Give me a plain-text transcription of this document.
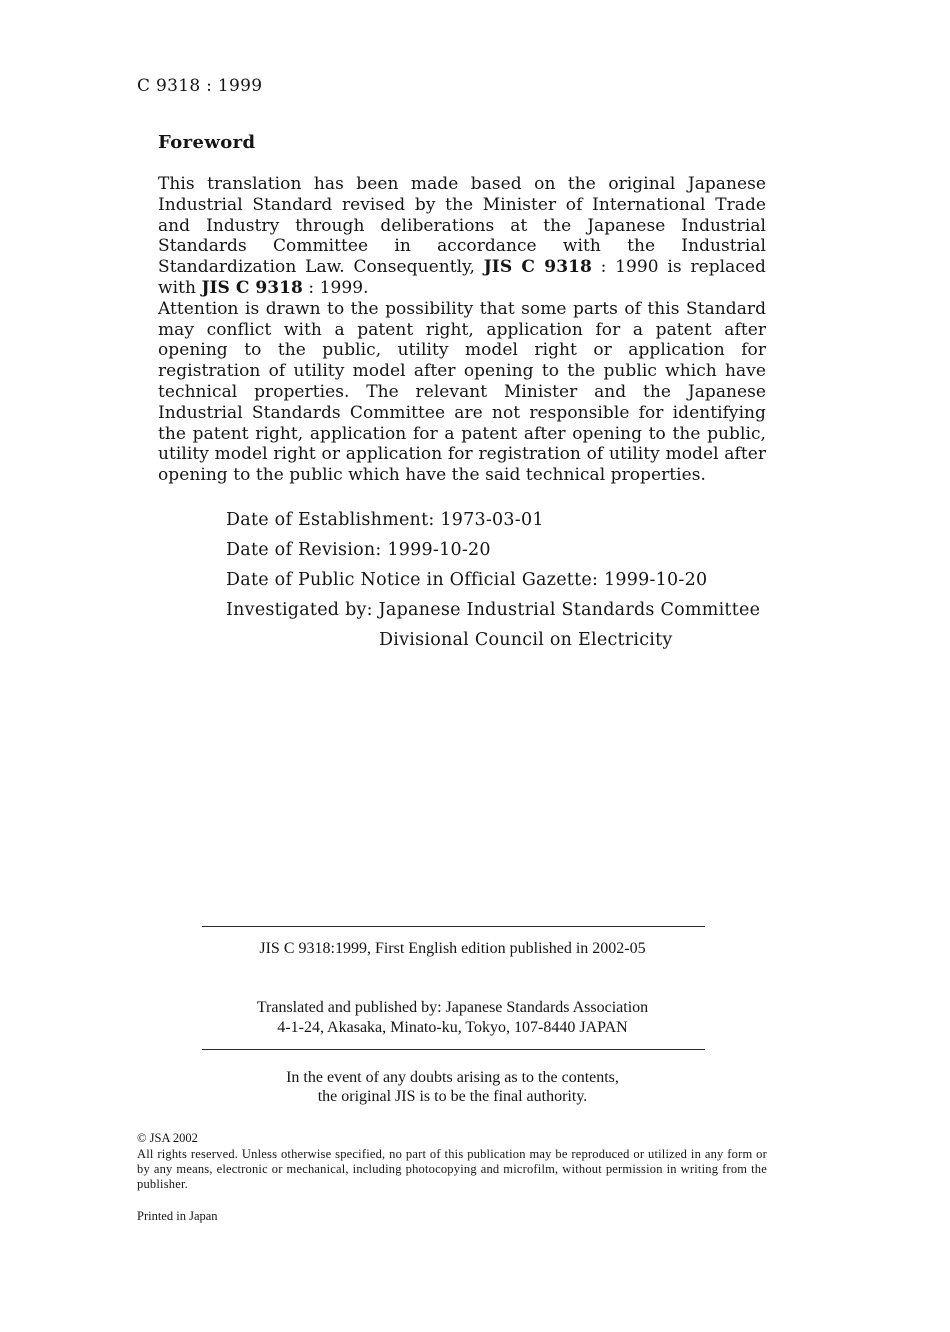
C 9318 : 1999
Foreword

This translation has been made based on the original Japanese Industrial Standard revised by the Minister of International Trade and Industry through deliberations at the Japanese Industrial Standards Committee in accordance with the Industrial Standardization Law. Consequently, JIS C 9318 : 1990 is replaced with JIS C 9318 : 1999.

Attention is drawn to the possibility that some parts of this Standard may conflict with a patent right, application for a patent after opening to the public, utility model right or application for registration of utility model after opening to the public which have technical properties. The relevant Minister and the Japanese Industrial Standards Committee are not responsible for identifying the patent right, application for a patent after opening to the public, utility model right or application for registration of utility model after opening to the public which have the said technical properties.

Date of Establishment: 1973-03-01
Date of Revision: 1999-10-20
Date of Public Notice in Official Gazette: 1999-10-20
Investigated by: Japanese Industrial Standards Committee
Divisional Council on Electricity
JIS C 9318:1999, First English edition published in 2002-05
Translated and published by: Japanese Standards Association
4-1-24, Akasaka, Minato-ku, Tokyo, 107-8440 JAPAN
In the event of any doubts arising as to the contents,
the original JIS is to be the final authority.
© JSA 2002
All rights reserved. Unless otherwise specified, no part of this publication may be reproduced or utilized in any form or by any means, electronic or mechanical, including photocopying and microfilm, without permission in writing from the publisher.
Printed in Japan
